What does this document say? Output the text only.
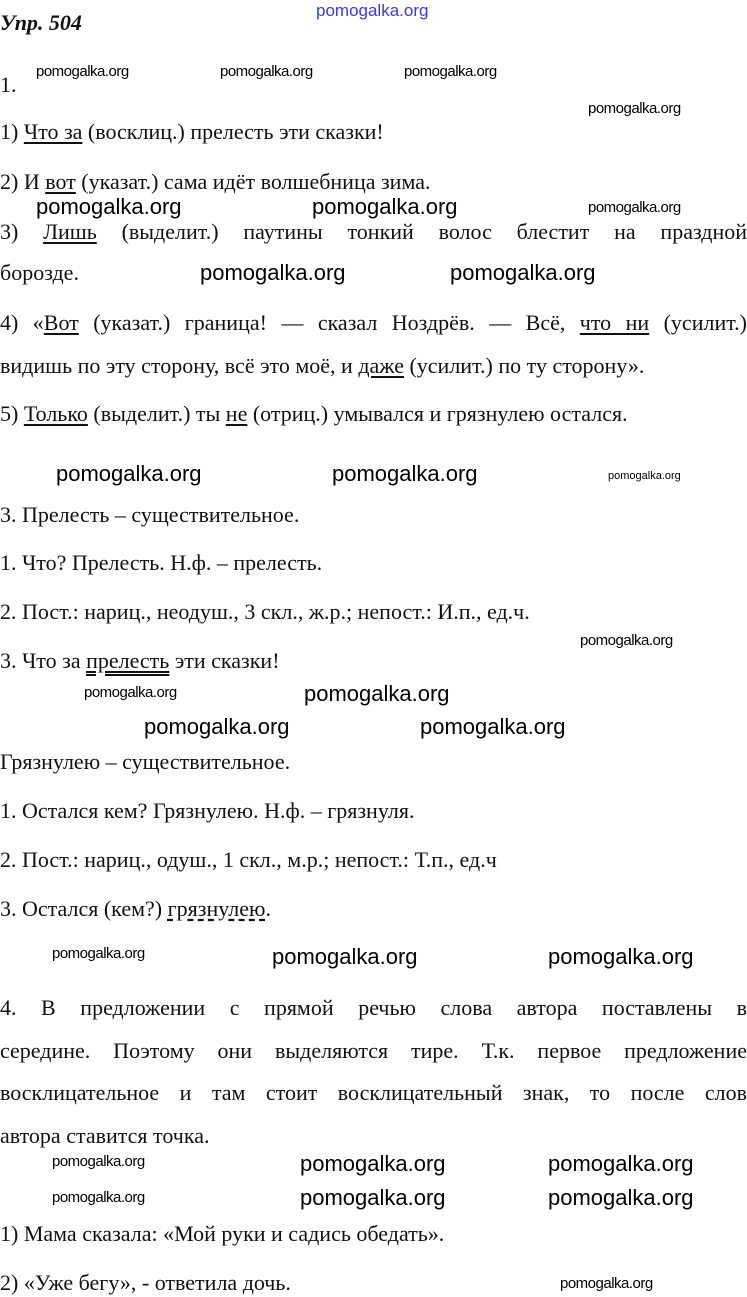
Упр. 504
1.
1) Что за (восклиц.) прелесть эти сказки!
2) И вот (указат.) сама идёт волшебница зима.
3) Лишь (выделит.) паутины тонкий волос блестит на праздной
борозде.
4) «Вот (указат.) граница! — сказал Ноздрёв. — Всё, что ни (усилит.)
видишь по эту сторону, всё это моё, и даже (усилит.) по ту сторону».
5) Только (выделит.) ты не (отриц.) умывался и грязнулею остался.
3. Прелесть – существительное.
1. Что? Прелесть. Н.ф. – прелесть.
2. Пост.: нариц., неодуш., 3 скл., ж.р.; непост.: И.п., ед.ч.
3. Что за прелесть эти сказки!
Грязнулею – существительное.
1. Остался кем? Грязнулею. Н.ф. – грязнуля.
2. Пост.: нариц., одуш., 1 скл., м.р.; непост.: Т.п., ед.ч
3. Остался (кем?) грязнулею.
4. В предложении с прямой речью слова автора поставлены в
середине. Поэтому они выделяются тире. Т.к. первое предложение
восклицательное и там стоит восклицательный знак, то после слов
автора ставится точка.
1) Мама сказала: «Мой руки и садись обедать».
2) «Уже бегу», - ответила дочь.
pomogalka.org
pomogalka.org	pomogalka.org	pomogalka.org
pomogalka.org
pomogalka.org
pomogalka.org	pomogalka.org
pomogalka.org	pomogalka.org
pomogalka.org
pomogalka.org	pomogalka.org
pomogalka.org	pomogalka.org
pomogalka.org
pomogalka.org	pomogalka.org
pomogalka.org	pomogalka.org	pomogalka.org
pomogalka.org	pomogalka.org	pomogalka.org
pomogalka.org	pomogalka.org	pomogalka.org
pomogalka.org
